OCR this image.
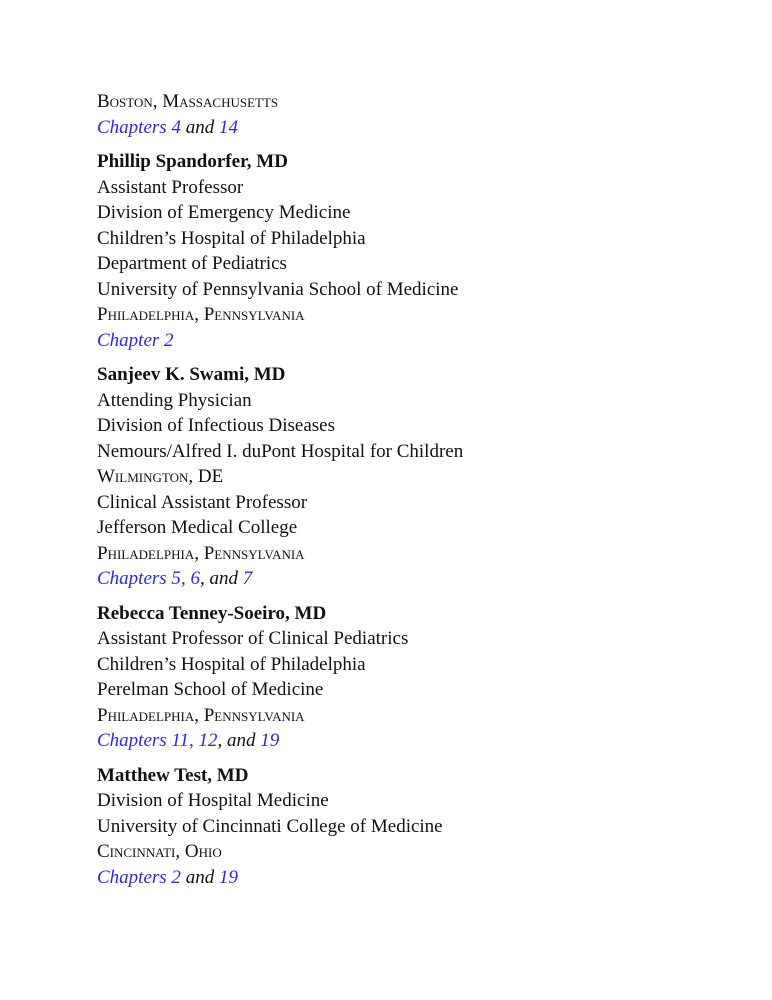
Boston, Massachusetts
Chapters 4 and 14
Phillip Spandorfer, MD
Assistant Professor
Division of Emergency Medicine
Children’s Hospital of Philadelphia
Department of Pediatrics
University of Pennsylvania School of Medicine
Philadelphia, Pennsylvania
Chapter 2
Sanjeev K. Swami, MD
Attending Physician
Division of Infectious Diseases
Nemours/Alfred I. duPont Hospital for Children
Wilmington, DE
Clinical Assistant Professor
Jefferson Medical College
Philadelphia, Pennsylvania
Chapters 5, 6, and 7
Rebecca Tenney-Soeiro, MD
Assistant Professor of Clinical Pediatrics
Children’s Hospital of Philadelphia
Perelman School of Medicine
Philadelphia, Pennsylvania
Chapters 11, 12, and 19
Matthew Test, MD
Division of Hospital Medicine
University of Cincinnati College of Medicine
Cincinnati, Ohio
Chapters 2 and 19
